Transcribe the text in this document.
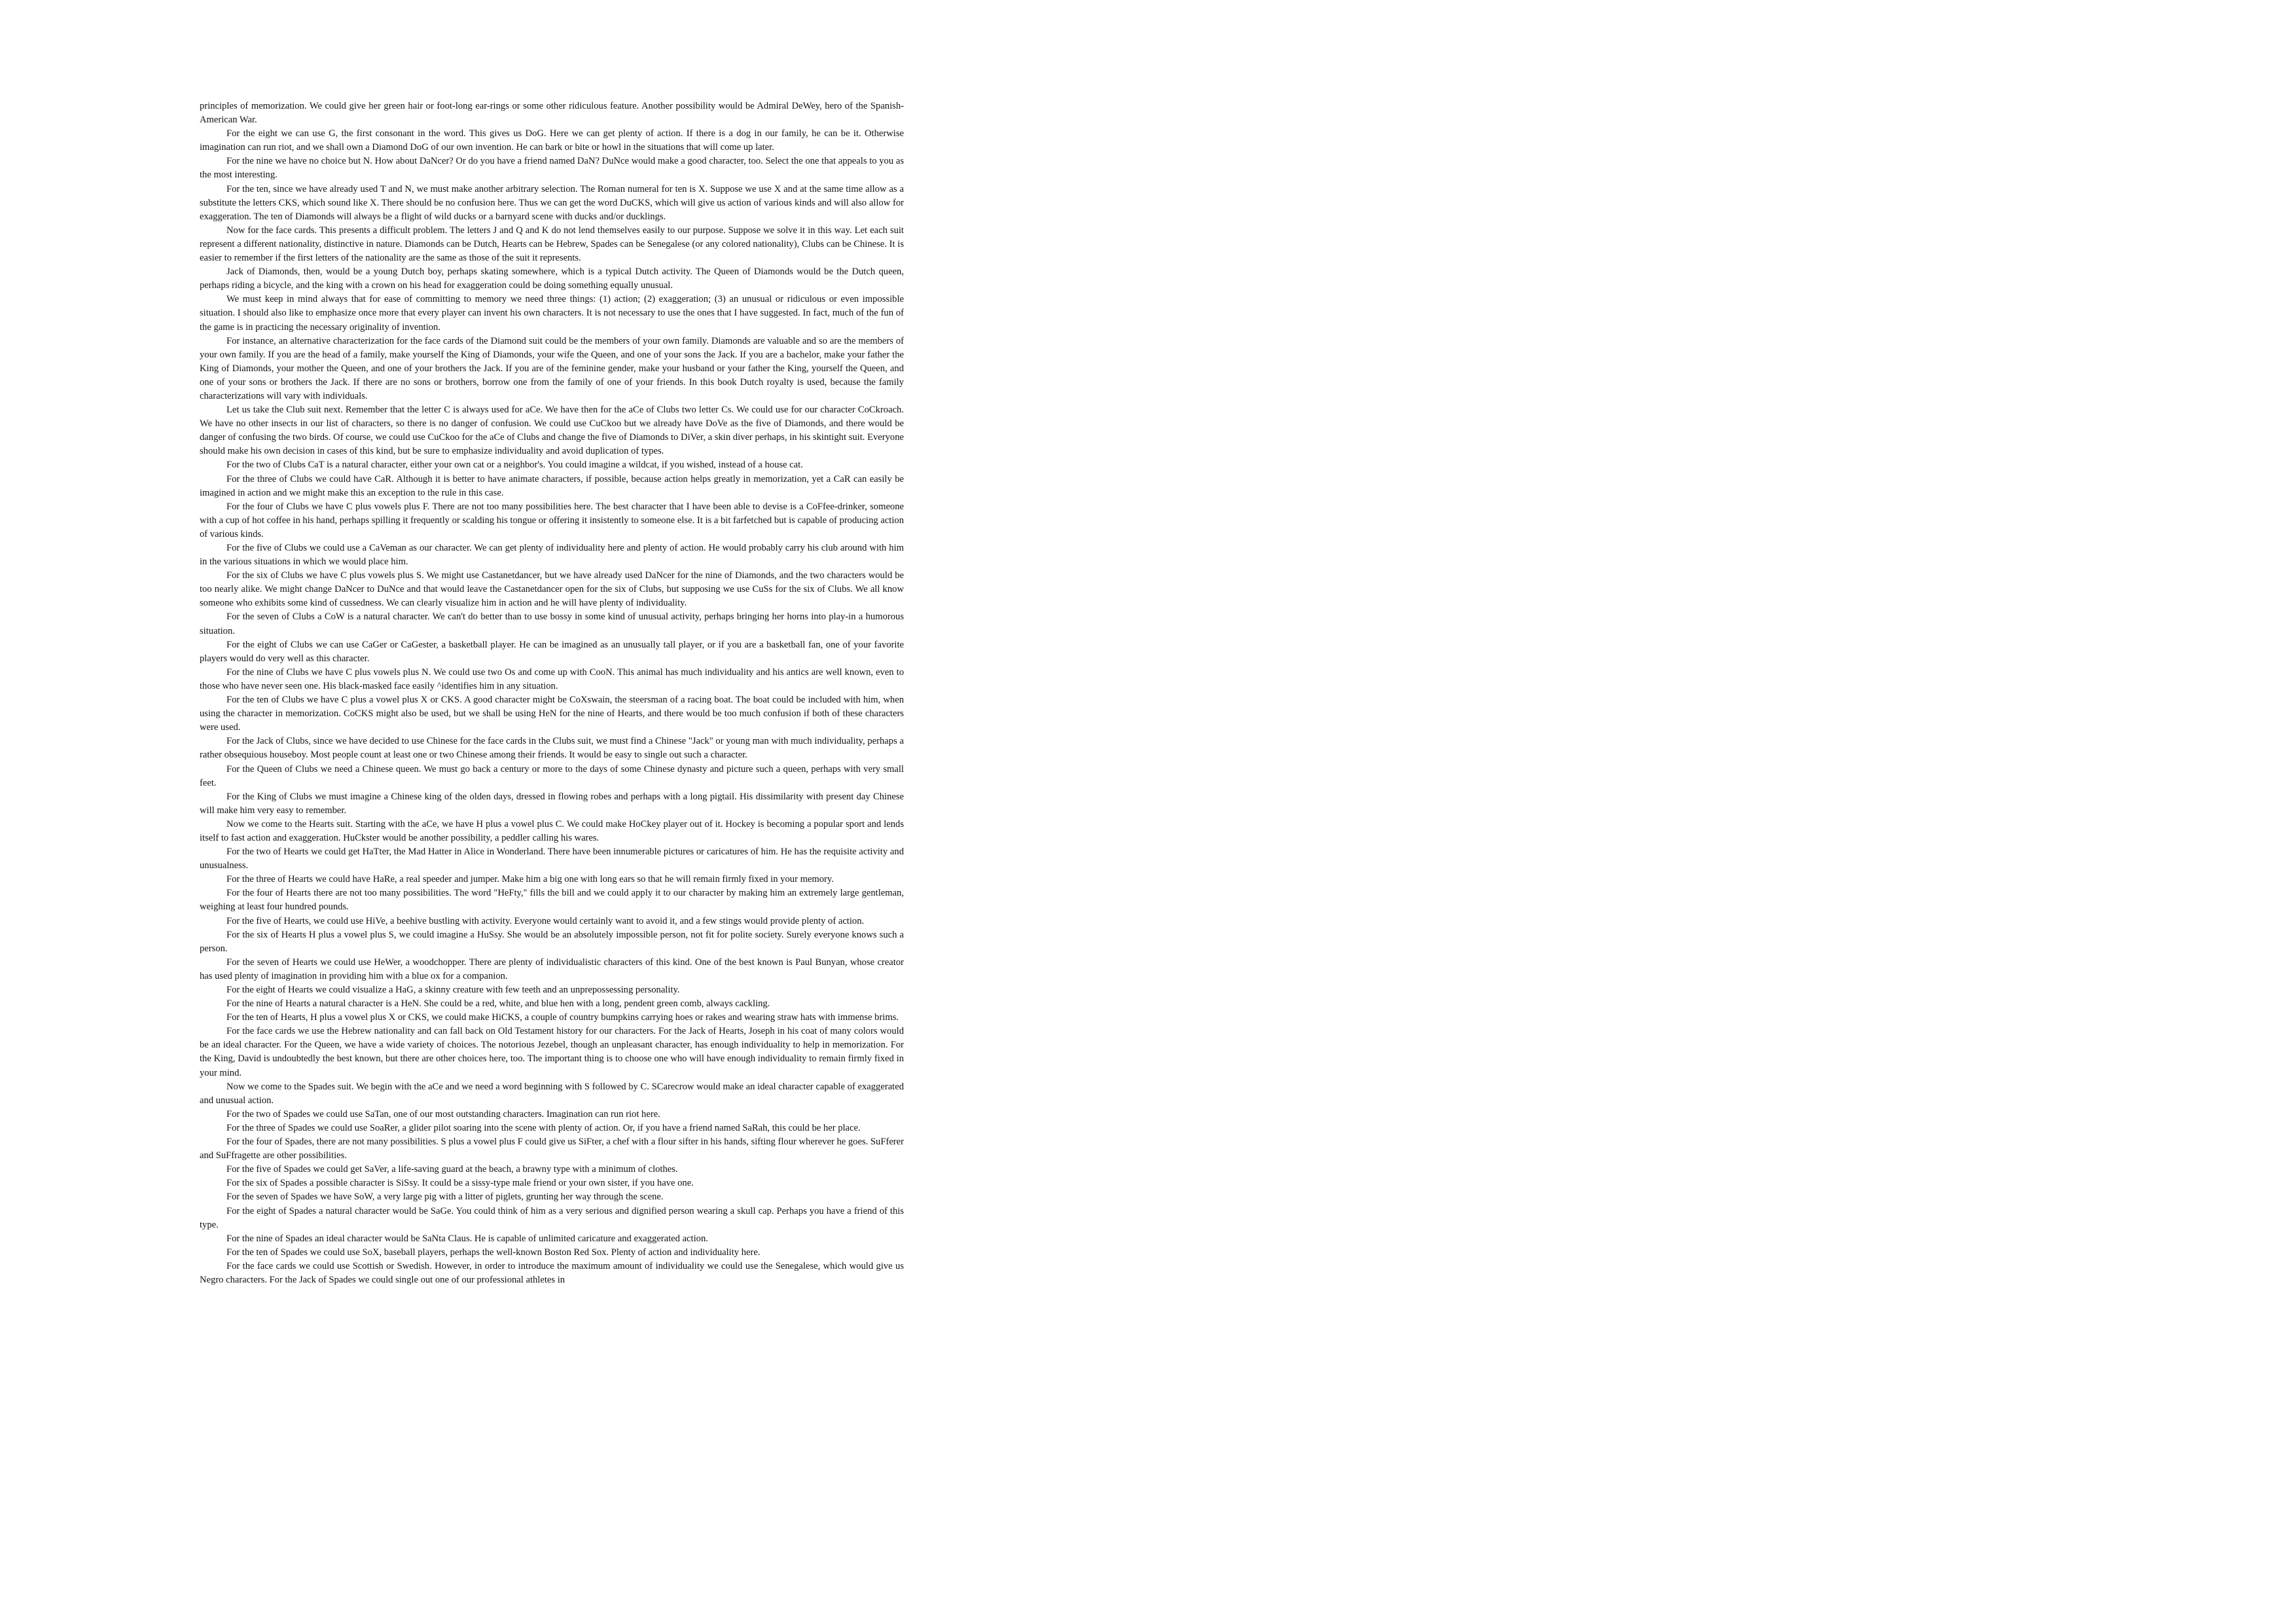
principles of memorization. We could give her green hair or foot-long ear-rings or some other ridiculous feature. Another possibility would be Admiral DeWey, hero of the Spanish-American War.

For the eight we can use G, the first consonant in the word. This gives us DoG. Here we can get plenty of action. If there is a dog in our family, he can be it. Otherwise imagination can run riot, and we shall own a Diamond DoG of our own invention. He can bark or bite or howl in the situations that will come up later.

For the nine we have no choice but N. How about DaNcer? Or do you have a friend named DaN? DuNce would make a good character, too. Select the one that appeals to you as the most interesting.

For the ten, since we have already used T and N, we must make another arbitrary selection. The Roman numeral for ten is X. Suppose we use X and at the same time allow as a substitute the letters CKS, which sound like X. There should be no confusion here. Thus we can get the word DuCKS, which will give us action of various kinds and will also allow for exaggeration. The ten of Diamonds will always be a flight of wild ducks or a barnyard scene with ducks and/or ducklings.

Now for the face cards. This presents a difficult problem. The letters J and Q and K do not lend themselves easily to our purpose. Suppose we solve it in this way. Let each suit represent a different nationality, distinctive in nature. Diamonds can be Dutch, Hearts can be Hebrew, Spades can be Senegalese (or any colored nationality), Clubs can be Chinese. It is easier to remember if the first letters of the nationality are the same as those of the suit it represents.

Jack of Diamonds, then, would be a young Dutch boy, perhaps skating somewhere, which is a typical Dutch activity. The Queen of Diamonds would be the Dutch queen, perhaps riding a bicycle, and the king with a crown on his head for exaggeration could be doing something equally unusual.

We must keep in mind always that for ease of committing to memory we need three things: (1) action; (2) exaggeration; (3) an unusual or ridiculous or even impossible situation. I should also like to emphasize once more that every player can invent his own characters. It is not necessary to use the ones that I have suggested. In fact, much of the fun of the game is in practicing the necessary originality of invention.

For instance, an alternative characterization for the face cards of the Diamond suit could be the members of your own family. Diamonds are valuable and so are the members of your own family. If you are the head of a family, make yourself the King of Diamonds, your wife the Queen, and one of your sons the Jack. If you are a bachelor, make your father the King of Diamonds, your mother the Queen, and one of your brothers the Jack. If you are of the feminine gender, make your husband or your father the King, yourself the Queen, and one of your sons or brothers the Jack. If there are no sons or brothers, borrow one from the family of one of your friends. In this book Dutch royalty is used, because the family characterizations will vary with individuals.

Let us take the Club suit next. Remember that the letter C is always used for aCe. We have then for the aCe of Clubs two letter Cs. We could use for our character CoCkroach. We have no other insects in our list of characters, so there is no danger of confusion. We could use CuCkoo but we already have DoVe as the five of Diamonds, and there would be danger of confusing the two birds. Of course, we could use CuCkoo for the aCe of Clubs and change the five of Diamonds to DiVer, a skin diver perhaps, in his skintight suit. Everyone should make his own decision in cases of this kind, but be sure to emphasize individuality and avoid duplication of types.

For the two of Clubs CaT is a natural character, either your own cat or a neighbor's. You could imagine a wildcat, if you wished, instead of a house cat.

For the three of Clubs we could have CaR. Although it is better to have animate characters, if possible, because action helps greatly in memorization, yet a CaR can easily be imagined in action and we might make this an exception to the rule in this case.

For the four of Clubs we have C plus vowels plus F. There are not too many possibilities here. The best character that I have been able to devise is a CoFfee-drinker, someone with a cup of hot coffee in his hand, perhaps spilling it frequently or scalding his tongue or offering it insistently to someone else. It is a bit farfetched but is capable of producing action of various kinds.

For the five of Clubs we could use a CaVeman as our character. We can get plenty of individuality here and plenty of action. He would probably carry his club around with him in the various situations in which we would place him.

For the six of Clubs we have C plus vowels plus S. We might use Castanetdancer, but we have already used DaNcer for the nine of Diamonds, and the two characters would be too nearly alike. We might change DaNcer to DuNce and that would leave the Castanetdancer open for the six of Clubs, but supposing we use CuSs for the six of Clubs. We all know someone who exhibits some kind of cussedness. We can clearly visualize him in action and he will have plenty of individuality.

For the seven of Clubs a CoW is a natural character. We can't do better than to use bossy in some kind of unusual activity, perhaps bringing her horns into play-in a humorous situation.

For the eight of Clubs we can use CaGer or CaGester, a basketball player. He can be imagined as an unusually tall player, or if you are a basketball fan, one of your favorite players would do very well as this character.

For the nine of Clubs we have C plus vowels plus N. We could use two Os and come up with CooN. This animal has much individuality and his antics are well known, even to those who have never seen one. His black-masked face easily ^identifies him in any situation.

For the ten of Clubs we have C plus a vowel plus X or CKS. A good character might be CoXswain, the steersman of a racing boat. The boat could be included with him, when using the character in memorization. CoCKS might also be used, but we shall be using HeN for the nine of Hearts, and there would be too much confusion if both of these characters were used.

For the Jack of Clubs, since we have decided to use Chinese for the face cards in the Clubs suit, we must find a Chinese "Jack" or young man with much individuality, perhaps a rather obsequious houseboy. Most people count at least one or two Chinese among their friends. It would be easy to single out such a character.

For the Queen of Clubs we need a Chinese queen. We must go back a century or more to the days of some Chinese dynasty and picture such a queen, perhaps with very small feet.

For the King of Clubs we must imagine a Chinese king of the olden days, dressed in flowing robes and perhaps with a long pigtail. His dissimilarity with present day Chinese will make him very easy to remember.

Now we come to the Hearts suit. Starting with the aCe, we have H plus a vowel plus C. We could make HoCkey player out of it. Hockey is becoming a popular sport and lends itself to fast action and exaggeration. HuCkster would be another possibility, a peddler calling his wares.

For the two of Hearts we could get HaTter, the Mad Hatter in Alice in Wonderland. There have been innumerable pictures or caricatures of him. He has the requisite activity and unusualness.

For the three of Hearts we could have HaRe, a real speeder and jumper. Make him a big one with long ears so that he will remain firmly fixed in your memory.

For the four of Hearts there are not too many possibilities. The word "HeFty," fills the bill and we could apply it to our character by making him an extremely large gentleman, weighing at least four hundred pounds.

For the five of Hearts, we could use HiVe, a beehive bustling with activity. Everyone would certainly want to avoid it, and a few stings would provide plenty of action.

For the six of Hearts H plus a vowel plus S, we could imagine a HuSsy. She would be an absolutely impossible person, not fit for polite society. Surely everyone knows such a person.

For the seven of Hearts we could use HeWer, a woodchopper. There are plenty of individualistic characters of this kind. One of the best known is Paul Bunyan, whose creator has used plenty of imagination in providing him with a blue ox for a companion.

For the eight of Hearts we could visualize a HaG, a skinny creature with few teeth and an unprepossessing personality.

For the nine of Hearts a natural character is a HeN. She could be a red, white, and blue hen with a long, pendent green comb, always cackling.

For the ten of Hearts, H plus a vowel plus X or CKS, we could make HiCKS, a couple of country bumpkins carrying hoes or rakes and wearing straw hats with immense brims.

For the face cards we use the Hebrew nationality and can fall back on Old Testament history for our characters. For the Jack of Hearts, Joseph in his coat of many colors would be an ideal character. For the Queen, we have a wide variety of choices. The notorious Jezebel, though an unpleasant character, has enough individuality to help in memorization. For the King, David is undoubtedly the best known, but there are other choices here, too. The important thing is to choose one who will have enough individuality to remain firmly fixed in your mind.

Now we come to the Spades suit. We begin with the aCe and we need a word beginning with S followed by C. SCarecrow would make an ideal character capable of exaggerated and unusual action.

For the two of Spades we could use SaTan, one of our most outstanding characters. Imagination can run riot here.

For the three of Spades we could use SoaRer, a glider pilot soaring into the scene with plenty of action. Or, if you have a friend named SaRah, this could be her place.

For the four of Spades, there are not many possibilities. S plus a vowel plus F could give us SiFter, a chef with a flour sifter in his hands, sifting flour wherever he goes. SuFferer and SuFfragette are other possibilities.

For the five of Spades we could get SaVer, a life-saving guard at the beach, a brawny type with a minimum of clothes.

For the six of Spades a possible character is SiSsy. It could be a sissy-type male friend or your own sister, if you have one.

For the seven of Spades we have SoW, a very large pig with a litter of piglets, grunting her way through the scene.

For the eight of Spades a natural character would be SaGe. You could think of him as a very serious and dignified person wearing a skull cap. Perhaps you have a friend of this type.

For the nine of Spades an ideal character would be SaNta Claus. He is capable of unlimited caricature and exaggerated action.

For the ten of Spades we could use SoX, baseball players, perhaps the well-known Boston Red Sox. Plenty of action and individuality here.

For the face cards we could use Scottish or Swedish. However, in order to introduce the maximum amount of individuality we could use the Senegalese, which would give us Negro characters. For the Jack of Spades we could single out one of our professional athletes in
